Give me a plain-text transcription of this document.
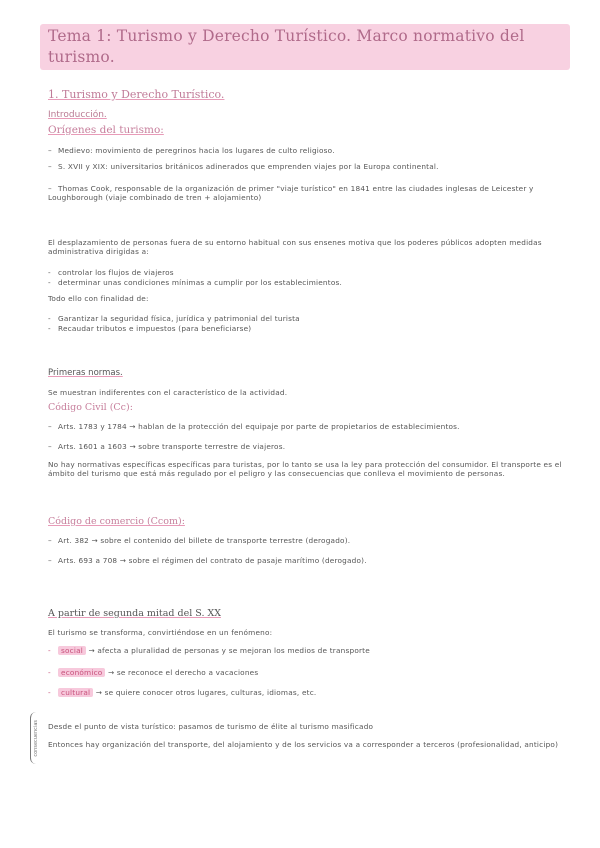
Tema 1: Turismo y Derecho Turístico. Marco normativo del turismo.
1. Turismo y Derecho Turístico.
Introducción.
Orígenes del turismo:
– Medievo: movimiento de peregrinos hacia los lugares de culto religioso.
– S. XVII y XIX: universitarios británicos adinerados que emprenden viajes por la Europa continental.
– Thomas Cook, responsable de la organización de primer "viaje turístico" en 1841 entre las ciudades inglesas de Leicester y Loughborough (viaje combinado de tren + alojamiento)
El desplazamiento de personas fuera de su entorno habitual con sus ensenes motiva que los poderes públicos adopten medidas administrativa dirigidas a:
- controlar los flujos de viajeros
- determinar unas condiciones mínimas a cumplir por los establecimientos.
Todo ello con finalidad de:
- Garantizar la seguridad física, jurídica y patrimonial del turista
- Recaudar tributos e impuestos (para beneficiarse)
Primeras normas.
Se muestran indiferentes con el característico de la actividad.
Código Civil (Cc):
– Arts. 1783 y 1784 → hablan de la protección del equipaje por parte de propietarios de establecimientos.
– Arts. 1601 a 1603 → sobre transporte terrestre de viajeros.
No hay normativas específicas específicas para turistas, por lo tanto se usa la ley para protección del consumidor. El transporte es el ámbito del turismo que está más regulado por el peligro y las consecuencias que conlleva el movimiento de personas.
Código de comercio (Ccom):
– Art. 382 → sobre el contenido del billete de transporte terrestre (derogado).
– Arts. 693 a 708 → sobre el régimen del contrato de pasaje marítimo (derogado).
A partir de segunda mitad del S. XX
El turismo se transforma, convirtiéndose en un fenómeno:
- social → afecta a pluralidad de personas y se mejoran los medios de transporte
- económico → se reconoce el derecho a vacaciones
- cultural → se quiere conocer otros lugares, culturas, idiomas, etc.
consecuencias Desde el punto de vista turístico: pasamos de turismo de élite al turismo masificado
Entonces hay organización del transporte, del alojamiento y de los servicios va a corresponder a terceros (profesionalidad, anticipo)
